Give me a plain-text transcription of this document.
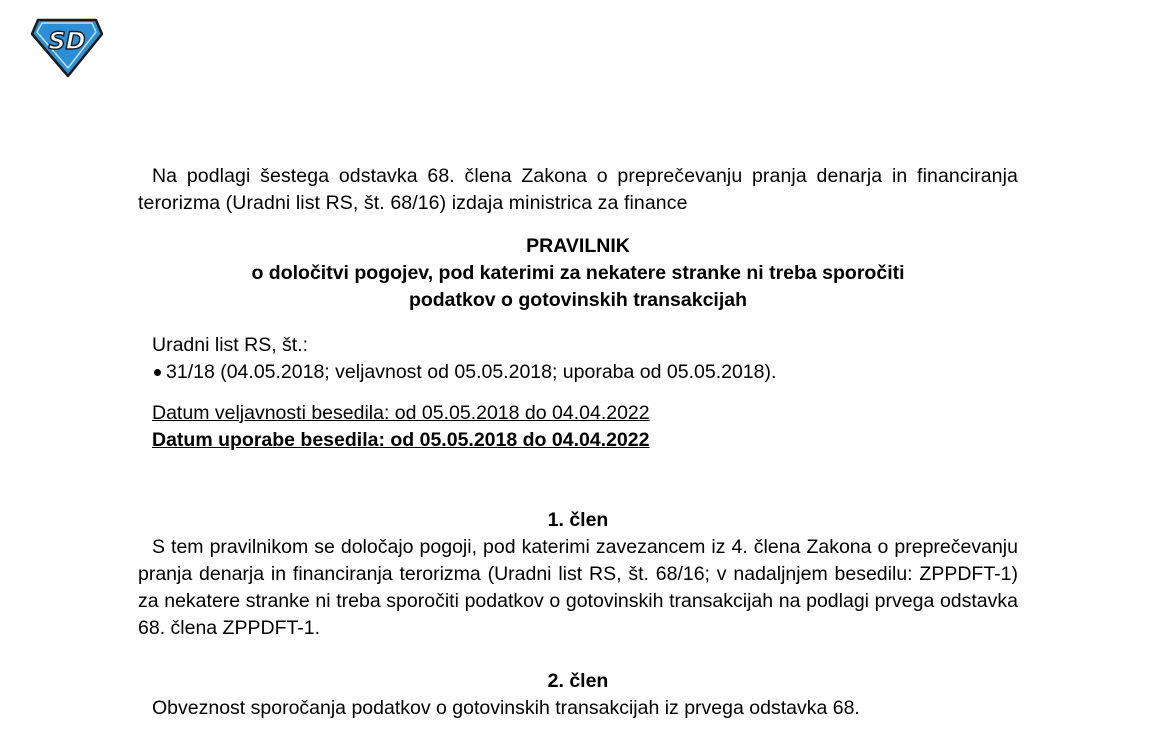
SD

Na podlagi šestega odstavka 68. člena Zakona o preprečevanju pranja denarja in financiranja terorizma (Uradni list RS, št. 68/16) izdaja ministrica za finance

PRAVILNIK
o določitvi pogojev, pod katerimi za nekatere stranke ni treba sporočiti
podatkov o gotovinskih transakcijah
Uradni list RS, št.:
31/18 (04.05.2018; veljavnost od 05.05.2018; uporaba od 05.05.2018).
Datum veljavnosti besedila: od 05.05.2018 do 04.04.2022
Datum uporabe besedila: od 05.05.2018 do 04.04.2022
1. člen

S tem pravilnikom se določajo pogoji, pod katerimi zavezancem iz 4. člena Zakona o preprečevanju pranja denarja in financiranja terorizma (Uradni list RS, št. 68/16; v nadaljnjem besedilu: ZPPDFT-1) za nekatere stranke ni treba sporočiti podatkov o gotovinskih transakcijah na podlagi prvega odstavka 68. člena ZPPDFT-1.

2. člen

Obveznost sporočanja podatkov o gotovinskih transakcijah iz prvega odstavka 68.
